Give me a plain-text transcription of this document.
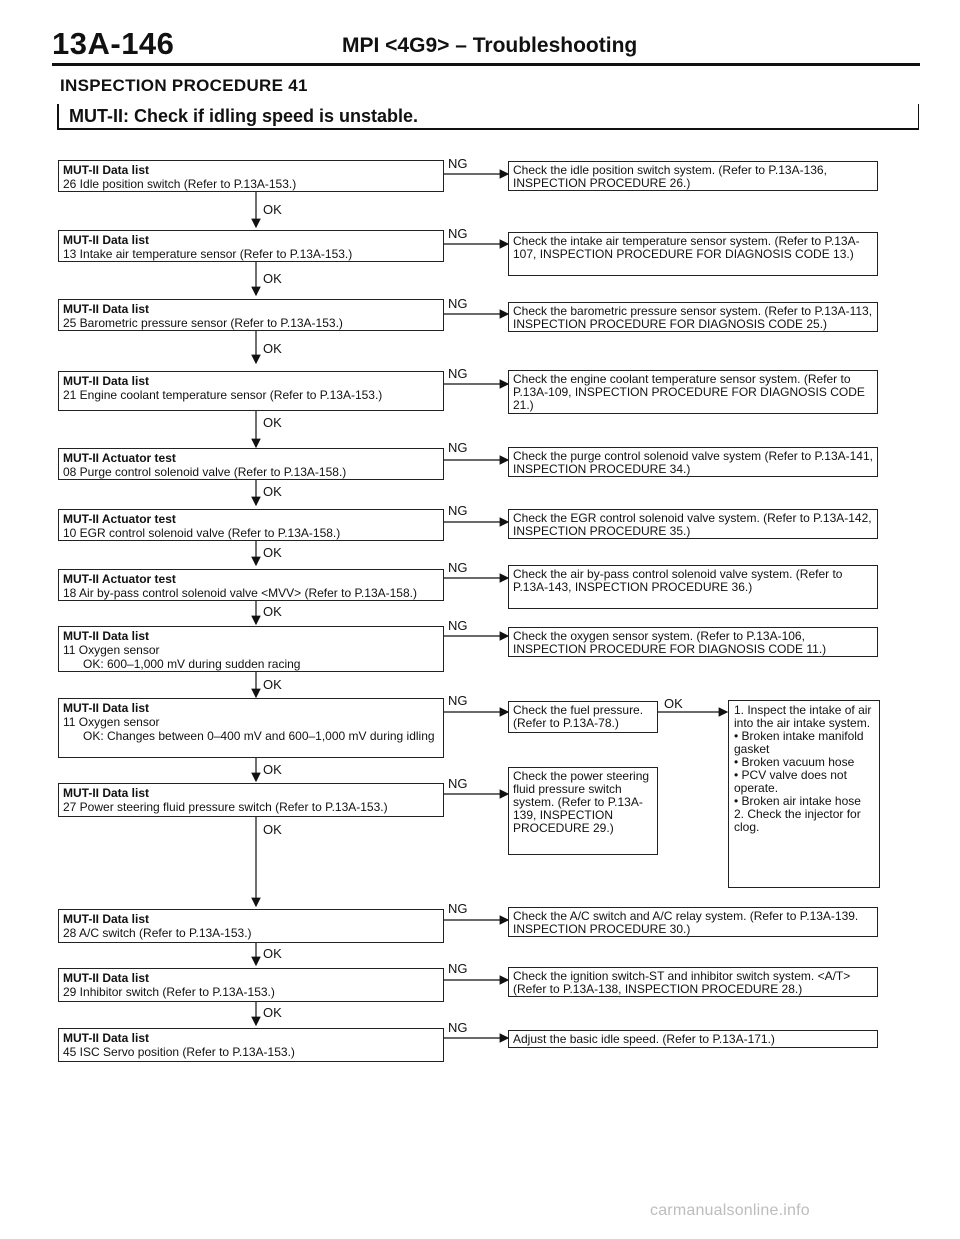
13A-146	MPI <4G9> – Troubleshooting
INSPECTION PROCEDURE 41
MUT-II: Check if idling speed is unstable.
MUT-II Data list
26 Idle position switch (Refer to P.13A-153.)
Check the idle position switch system. (Refer to P.13A-136, INSPECTION PROCEDURE 26.)
MUT-II Data list
13 Intake air temperature sensor (Refer to P.13A-153.)
Check the intake air temperature sensor system. (Refer to P.13A-107, INSPECTION PROCEDURE FOR DIAGNOSIS CODE 13.)
MUT-II Data list
25 Barometric pressure sensor (Refer to P.13A-153.)
Check the barometric pressure sensor system. (Refer to P.13A-113, INSPECTION PROCEDURE FOR DIAGNOSIS CODE 25.)
MUT-II Data list
21 Engine coolant temperature sensor (Refer to P.13A-153.)
Check the engine coolant temperature sensor system. (Refer to P.13A-109, INSPECTION PROCEDURE FOR DIAGNOSIS CODE 21.)
MUT-II Actuator test
08 Purge control solenoid valve (Refer to P.13A-158.)
Check the purge control solenoid valve system (Refer to P.13A-141, INSPECTION PROCEDURE 34.)
MUT-II Actuator test
10 EGR control solenoid valve (Refer to P.13A-158.)
Check the EGR control solenoid valve system. (Refer to P.13A-142, INSPECTION PROCEDURE 35.)
MUT-II Actuator test
18 Air by-pass control solenoid valve <MVV> (Refer to P.13A-158.)
Check the air by-pass control solenoid valve system. (Refer to P.13A-143, INSPECTION PROCEDURE 36.)
MUT-II Data list
11 Oxygen sensor
OK: 600–1,000 mV during sudden racing
Check the oxygen sensor system. (Refer to P.13A-106, INSPECTION PROCEDURE FOR DIAGNOSIS CODE 11.)
MUT-II Data list
11 Oxygen sensor
OK: Changes between 0–400 mV and 600–1,000 mV during idling
Check the fuel pressure. (Refer to P.13A-78.)
MUT-II Data list
27 Power steering fluid pressure switch (Refer to P.13A-153.)
Check the power steering fluid pressure switch system. (Refer to P.13A-139, INSPECTION PROCEDURE 29.)
1. Inspect the intake of air into the air intake system.
• Broken intake manifold gasket
• Broken vacuum hose
• PCV valve does not operate.
• Broken air intake hose
2. Check the injector for clog.
MUT-II Data list
28 A/C switch (Refer to P.13A-153.)
Check the A/C switch and A/C relay system. (Refer to P.13A-139. INSPECTION PROCEDURE 30.)
MUT-II Data list
29 Inhibitor switch (Refer to P.13A-153.)
Check the ignition switch-ST and inhibitor switch system. <A/T> (Refer to P.13A-138, INSPECTION PROCEDURE 28.)
MUT-II Data list
45 ISC Servo position (Refer to P.13A-153.)
Adjust the basic idle speed. (Refer to P.13A-171.)
NG
NG
NG
NG
NG
NG
NG
NG
NG
NG
NG
NG
NG
OK
OK
OK
OK
OK
OK
OK
OK
OK
OK
OK
OK
OK
carmanualsonline.info
